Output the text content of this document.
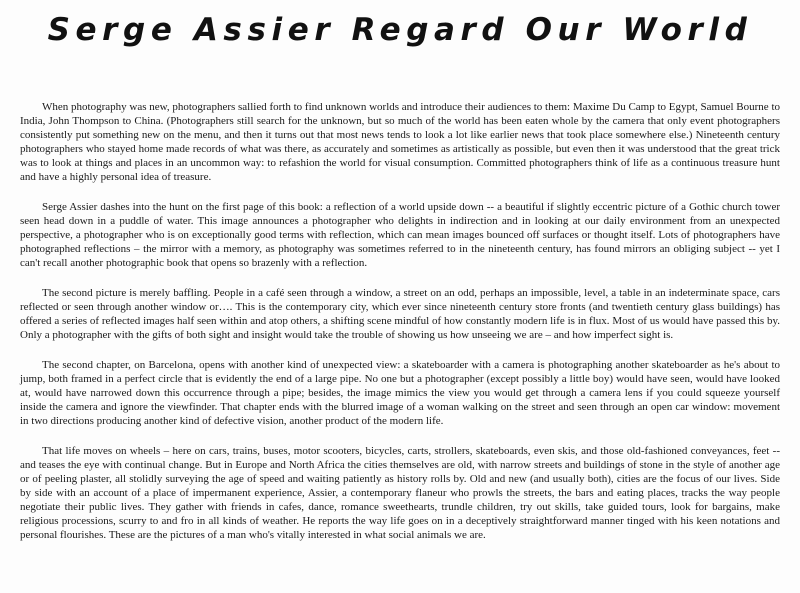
Serge Assier Regard Our World

When photography was new, photographers sallied forth to find unknown worlds and introduce their audiences to them: Maxime Du Camp to Egypt, Samuel Bourne to India, John Thompson to China. (Photographers still search for the unknown, but so much of the world has been eaten whole by the camera that only event photographers consistently put something new on the menu, and then it turns out that most news tends to look a lot like earlier news that took place somewhere else.) Nineteenth century photographers who stayed home made records of what was there, as accurately and sometimes as artistically as possible, but even then it was understood that the great trick was to look at things and places in an uncommon way: to refashion the world for visual consumption. Committed photographers think of life as a continuous treasure hunt and have a highly personal idea of treasure.

Serge Assier dashes into the hunt on the first page of this book: a reflection of a world upside down -- a beautiful if slightly eccentric picture of a Gothic church tower seen head down in a puddle of water. This image announces a photographer who delights in indirection and in looking at our daily environment from an unexpected perspective, a photographer who is on exceptionally good terms with reflection, which can mean images bounced off surfaces or thought itself. Lots of photographers have photographed reflections – the mirror with a memory, as photography was sometimes referred to in the nineteenth century, has found mirrors an obliging subject -- yet I can't recall another photographic book that opens so brazenly with a reflection.

The second picture is merely baffling. People in a café seen through a window, a street on an odd, perhaps an impossible, level, a table in an indeterminate space, cars reflected or seen through another window or…. This is the contemporary city, which ever since nineteenth century store fronts (and twentieth century glass buildings) has offered a series of reflected images half seen within and atop others, a shifting scene mindful of how constantly modern life is in flux. Most of us would have passed this by. Only a photographer with the gifts of both sight and insight would take the trouble of showing us how unseeing we are – and how imperfect sight is.

The second chapter, on Barcelona, opens with another kind of unexpected view: a skateboarder with a camera is photographing another skateboarder as he's about to jump, both framed in a perfect circle that is evidently the end of a large pipe. No one but a photographer (except possibly a little boy) would have seen, would have looked at, would have narrowed down this occurrence through a pipe; besides, the image mimics the view you would get through a camera lens if you could squeeze yourself inside the camera and ignore the viewfinder. That chapter ends with the blurred image of a woman walking on the street and seen through an open car window: movement in two directions producing another kind of defective vision, another product of the modern life.

That life moves on wheels – here on cars, trains, buses, motor scooters, bicycles, carts, strollers, skateboards, even skis, and those old-fashioned conveyances, feet -- and teases the eye with continual change. But in Europe and North Africa the cities themselves are old, with narrow streets and buildings of stone in the style of another age or of peeling plaster, all stolidly surveying the age of speed and waiting patiently as history rolls by. Old and new (and usually both), cities are the focus of our lives. Side by side with an account of a place of impermanent experience, Assier, a contemporary flaneur who prowls the streets, the bars and eating places, tracks the way people negotiate their public lives. They gather with friends in cafes, dance, romance sweethearts, trundle children, try out skills, take guided tours, look for bargains, make religious processions, scurry to and fro in all kinds of weather. He reports the way life goes on in a deceptively straightforward manner tinged with his keen notations and personal flourishes. These are the pictures of a man who's vitally interested in what social animals we are.
